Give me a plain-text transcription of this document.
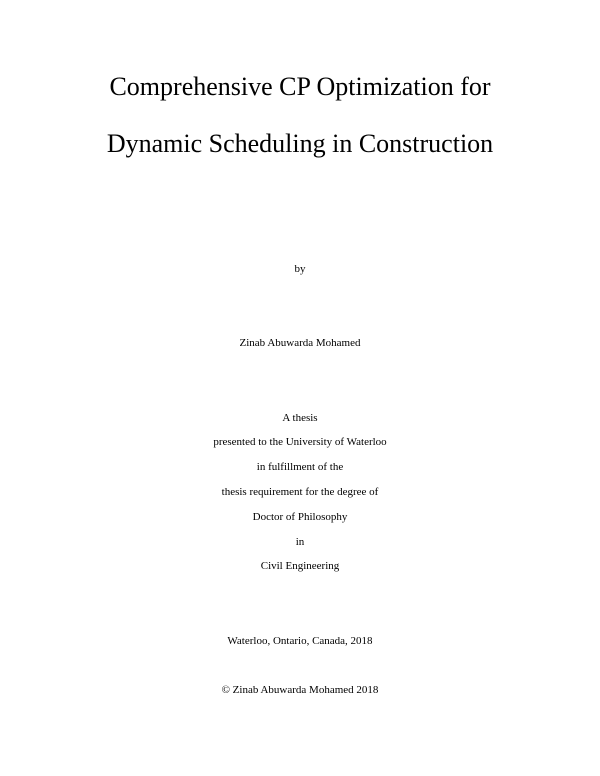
Comprehensive CP Optimization for
Dynamic Scheduling in Construction
by
Zinab Abuwarda Mohamed
A thesis
presented to the University of Waterloo
in fulfillment of the
thesis requirement for the degree of
Doctor of Philosophy
in
Civil Engineering
Waterloo, Ontario, Canada, 2018
© Zinab Abuwarda Mohamed 2018
